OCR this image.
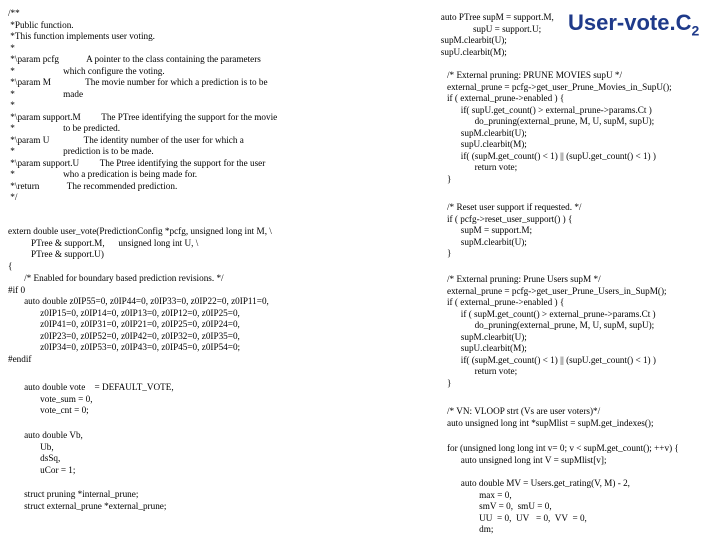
User-$vote.C_2$
/**
*Public function.
*This function implements user voting.
*
*\param pcfg            A pointer to the class containing the parameters
*                     which configure the voting.
*\param M               The movie number for which a prediction is to be
*                     made
*
*\param support.M         The PTree identifying the support for the movie
*                     to be predicted.
*\param U               The identity number of the user for which a
*                     prediction is to be made.
*\param support.U         The Ptree identifying the support for the user
*                     who a predication is being made for.
*\return            The recommended prediction.
*/
extern double user_vote(PredictionConfig *pcfg, unsigned long int M, \
PTree & support.M,      unsigned long int U, \
PTree & support.U)
{
/* Enabled for boundary based prediction revisions. */
#if 0
auto double z0IP55=0, z0IP44=0, z0IP33=0, z0IP22=0, z0IP11=0,
z0IP15=0, z0IP14=0, z0IP13=0, z0IP12=0, z0IP25=0,
z0IP41=0, z0IP31=0, z0IP21=0, z0IP25=0, z0IP24=0,
z0IP23=0, z0IP52=0, z0IP42=0, z0IP32=0, z0IP35=0,
z0IP34=0, z0IP53=0, z0IP43=0, z0IP45=0, z0IP54=0;
#endif
auto double vote    = DEFAULT_VOTE,
vote_sum = 0,
vote_cnt = 0;
auto double Vb,
Ub,
dsSq,
uCor = 1;
struct pruning *internal_prune;
struct external_prune *external_prune;
auto PTree supM = support.M,
supU = support.U;
supM.clearbit(U);
supU.clearbit(M);
/* External pruning: PRUNE MOVIES supU */
external_prune = pcfg->get_user_Prune_Movies_in_SupU();
if ( external_prune->enabled ) {
if( supU.get_count() > external_prune->params.Ct )
do_pruning(external_prune, M, U, supM, supU);
supM.clearbit(U);
supU.clearbit(M);
if( (supM.get_count() < 1) || (supU.get_count() < 1) )
return vote;
}
/* Reset user support if requested. */
if ( pcfg->reset_user_support() ) {
supM = support.M;
supM.clearbit(U);
}
/* External pruning: Prune Users supM */
external_prune = pcfg->get_user_Prune_Users_in_SupM();
if ( external_prune->enabled ) {
if ( supM.get_count() > external_prune->params.Ct )
do_pruning(external_prune, M, U, supM, supU);
supM.clearbit(U);
supU.clearbit(M);
if( (supM.get_count() < 1) || (supU.get_count() < 1) )
return vote;
}
/* VN: VLOOP strt (Vs are user voters)*/
auto unsigned long int *supMlist = supM.get_indexes();
for (unsigned long long int v= 0; v < supM.get_count(); ++v) {
auto unsigned long int V = supMlist[v];
auto double MV = Users.get_rating(V, M) - 2,
max = 0,
smV = 0,  smU = 0,
UU  = 0,  UV   = 0,  VV  = 0,
dm;
